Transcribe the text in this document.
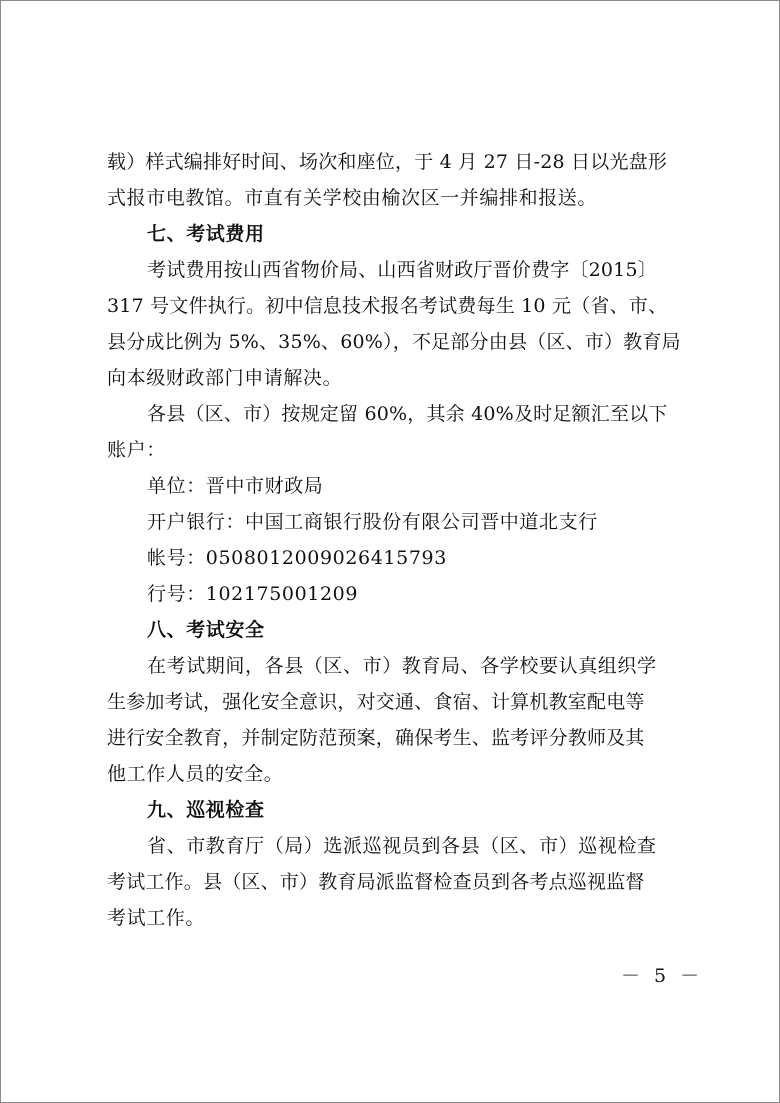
载）样式编排好时间、场次和座位，于 4 月 27 日-28 日以光盘形
式报市电教馆。市直有关学校由榆次区一并编排和报送。
七、考试费用
考试费用按山西省物价局、山西省财政厅晋价费字〔2015〕
317 号文件执行。初中信息技术报名考试费每生 10 元（省、市、
县分成比例为 5%、35%、60%），不足部分由县（区、市）教育局
向本级财政部门申请解决。
各县（区、市）按规定留 60%，其余 40%及时足额汇至以下
账户：
单位：晋中市财政局
开户银行：中国工商银行股份有限公司晋中道北支行
帐号：0508012009026415793
行号：102175001209
八、考试安全
在考试期间，各县（区、市）教育局、各学校要认真组织学
生参加考试，强化安全意识，对交通、食宿、计算机教室配电等
进行安全教育，并制定防范预案，确保考生、监考评分教师及其
他工作人员的安全。
九、巡视检查
省、市教育厅（局）选派巡视员到各县（区、市）巡视检查
考试工作。县（区、市）教育局派监督检查员到各考点巡视监督
考试工作。
－ 5 －
